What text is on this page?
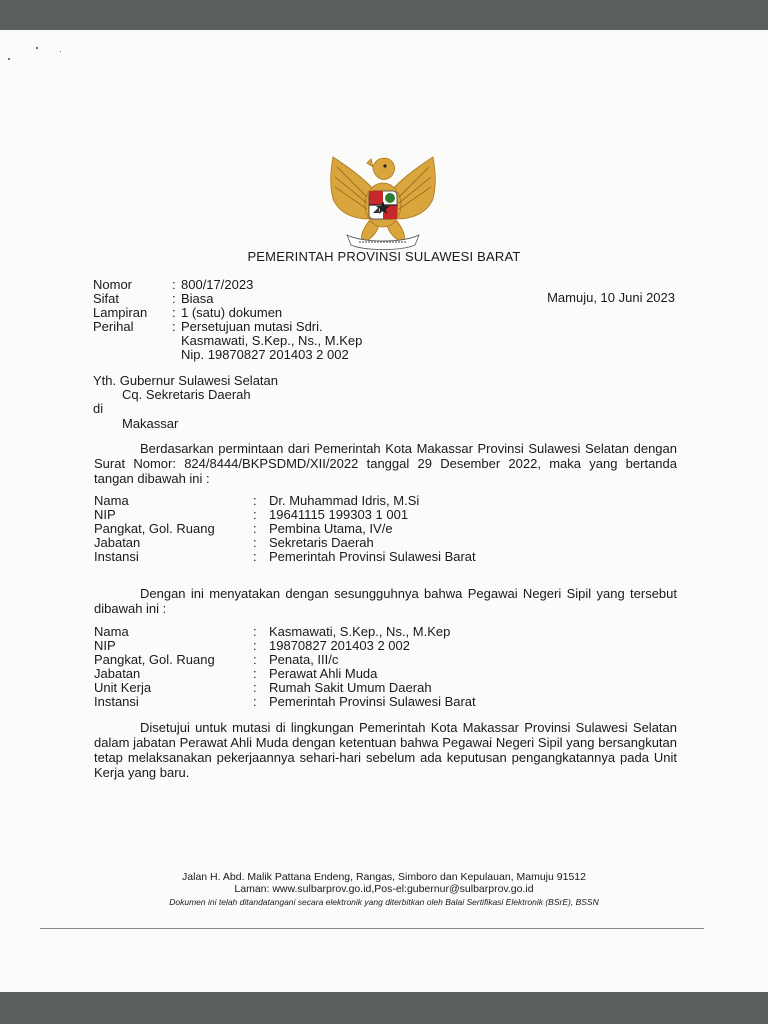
PEMERINTAH PROVINSI SULAWESI BARAT
Mamuju, 10 Juni 2023
Nomor	: 800/17/2023
Sifat	: Biasa
Lampiran : 1 (satu) dokumen
Perihal	: Persetujuan mutasi Sdri.
Kasmawati, S.Kep., Ns., M.Kep
Nip. 19870827 201403 2 002
Yth. Gubernur Sulawesi Selatan
Cq. Sekretaris Daerah
di
Makassar
Berdasarkan permintaan dari Pemerintah Kota Makassar Provinsi Sulawesi Selatan dengan Surat Nomor: 824/8444/BKPSDMD/XII/2022 tanggal 29 Desember 2022, maka yang bertanda tangan dibawah ini :
Nama	: Dr. Muhammad Idris, M.Si
NIP	: 19641115 199303 1 001
Pangkat, Gol. Ruang	: Pembina Utama, IV/e
Jabatan	: Sekretaris Daerah
Instansi	: Pemerintah Provinsi Sulawesi Barat
Dengan ini menyatakan dengan sesungguhnya bahwa Pegawai Negeri Sipil yang tersebut dibawah ini :
Nama	: Kasmawati, S.Kep., Ns., M.Kep
NIP	: 19870827 201403 2 002
Pangkat, Gol. Ruang	: Penata, III/c
Jabatan	: Perawat Ahli Muda
Unit Kerja	: Rumah Sakit Umum Daerah
Instansi	: Pemerintah Provinsi Sulawesi Barat
Disetujui untuk mutasi di lingkungan Pemerintah Kota Makassar Provinsi Sulawesi Selatan dalam jabatan Perawat Ahli Muda dengan ketentuan bahwa Pegawai Negeri Sipil yang bersangkutan tetap melaksanakan pekerjaannya sehari-hari sebelum ada keputusan pengangkatannya pada Unit Kerja yang baru.
Jalan H. Abd. Malik Pattana Endeng, Rangas, Simboro dan Kepulauan, Mamuju 91512
Laman: www.sulbarprov.go.id,Pos-el:gubernur@sulbarprov.go.id
Dokumen ini telah ditandatangani secara elektronik yang diterbitkan oleh Balai Sertifikasi Elektronik (BSrE), BSSN
